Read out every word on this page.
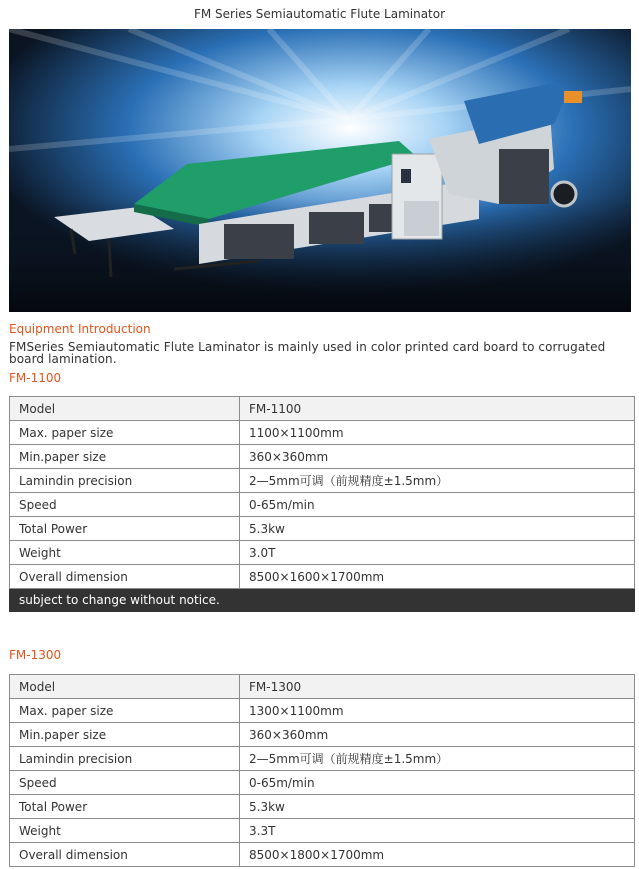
FM Series Semiautomatic Flute Laminator
Equipment Introduction
FMSeries Semiautomatic Flute Laminator is mainly used in color printed card board to corrugated board lamination.
FM-1100
Model	FM-1100
Max. paper size	1100×1100mm
Min.paper size	360×360mm
Lamindin precision	2—5mm可调（前规精度±1.5mm）
Speed	0-65m/min
Total Power	5.3kw
Weight	3.0T
Overall dimension	8500×1600×1700mm
subject to change without notice.	
FM-1300
Model	FM-1300
Max. paper size	1300×1100mm
Min.paper size	360×360mm
Lamindin precision	2—5mm可调（前规精度±1.5mm）
Speed	0-65m/min
Total Power	5.3kw
Weight	3.3T
Overall dimension	8500×1800×1700mm
